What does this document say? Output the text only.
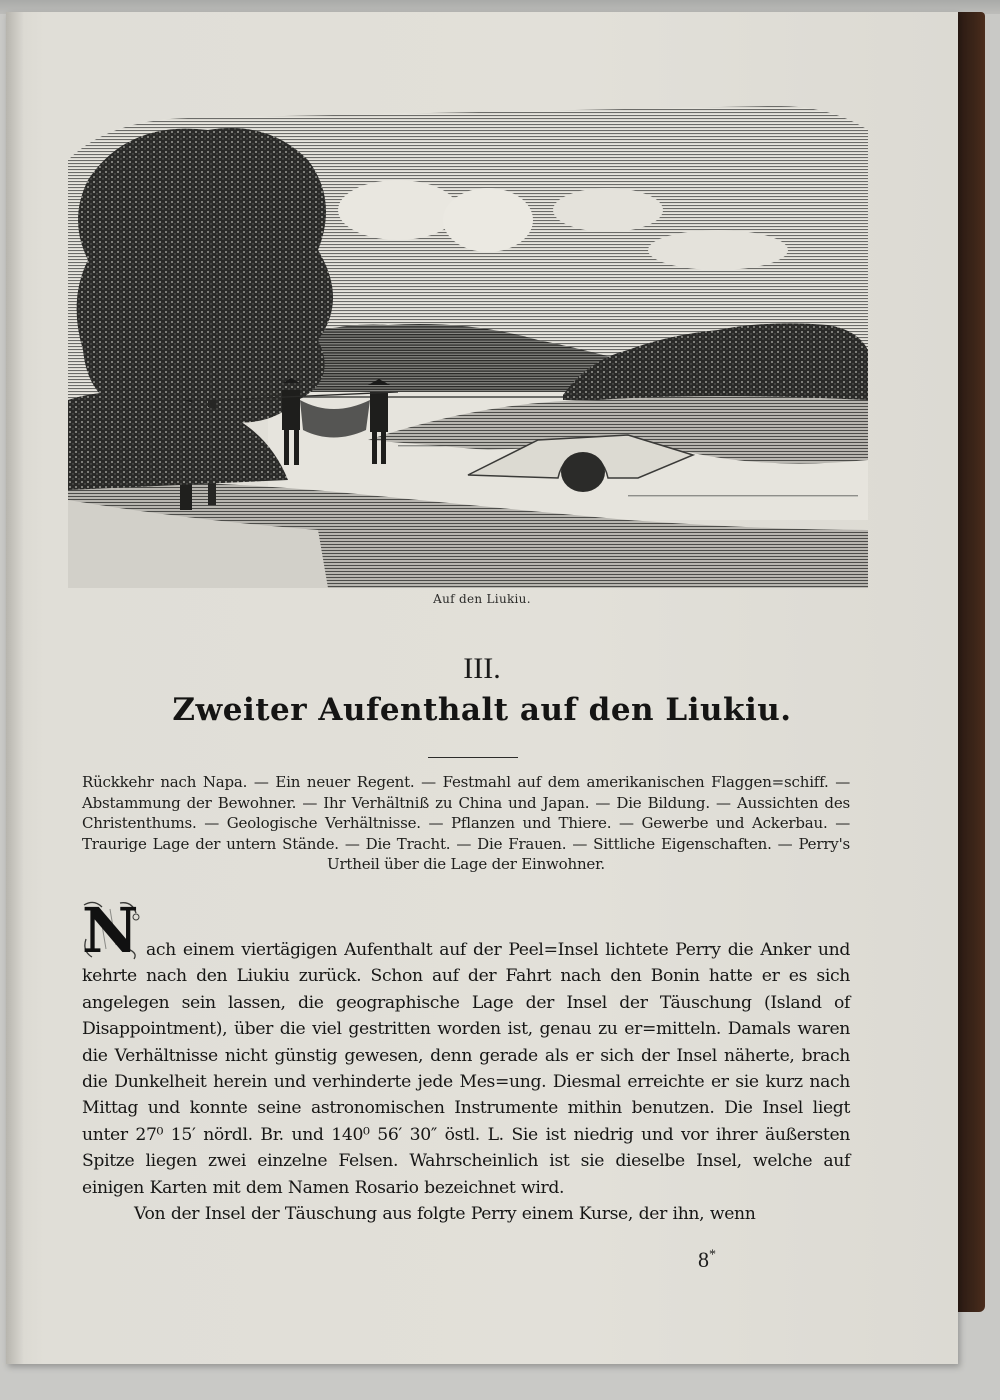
Auf den Liukiu.
III.
Zweiter Aufenthalt auf den Liukiu.
Rückkehr nach Napa. — Ein neuer Regent. — Festmahl auf dem amerikanischen Flaggen=schiff. — Abstammung der Bewohner. — Ihr Verhältniß zu China und Japan. — Die Bildung. — Aussichten des Christenthums. — Geologische Verhältnisse. — Pflanzen und Thiere. — Gewerbe und Ackerbau. — Traurige Lage der untern Stände. — Die Tracht. — Die Frauen. — Sittliche Eigenschaften. — Perry's Urtheil über die Lage der Einwohner.

N ach einem viertägigen Aufenthalt auf der Peel=Insel lichtete Perry die Anker und kehrte nach den Liukiu zurück. Schon auf der Fahrt nach den Bonin hatte er es sich angelegen sein lassen, die geographische Lage der Insel der Täuschung (Island of Disappointment), über die viel gestritten worden ist, genau zu er=mitteln. Damals waren die Verhältnisse nicht günstig gewesen, denn gerade als er sich der Insel näherte, brach die Dunkelheit herein und verhinderte jede Mes=ung. Diesmal erreichte er sie kurz nach Mittag und konnte seine astronomischen Instrumente mithin benutzen. Die Insel liegt unter 27⁰ 15′ nördl. Br. und 140⁰ 56′ 30″ östl. L. Sie ist niedrig und vor ihrer äußersten Spitze liegen zwei einzelne Felsen. Wahrscheinlich ist sie dieselbe Insel, welche auf einigen Karten mit dem Namen Rosario bezeichnet wird.

Von der Insel der Täuschung aus folgte Perry einem Kurse, der ihn, wenn

8*
